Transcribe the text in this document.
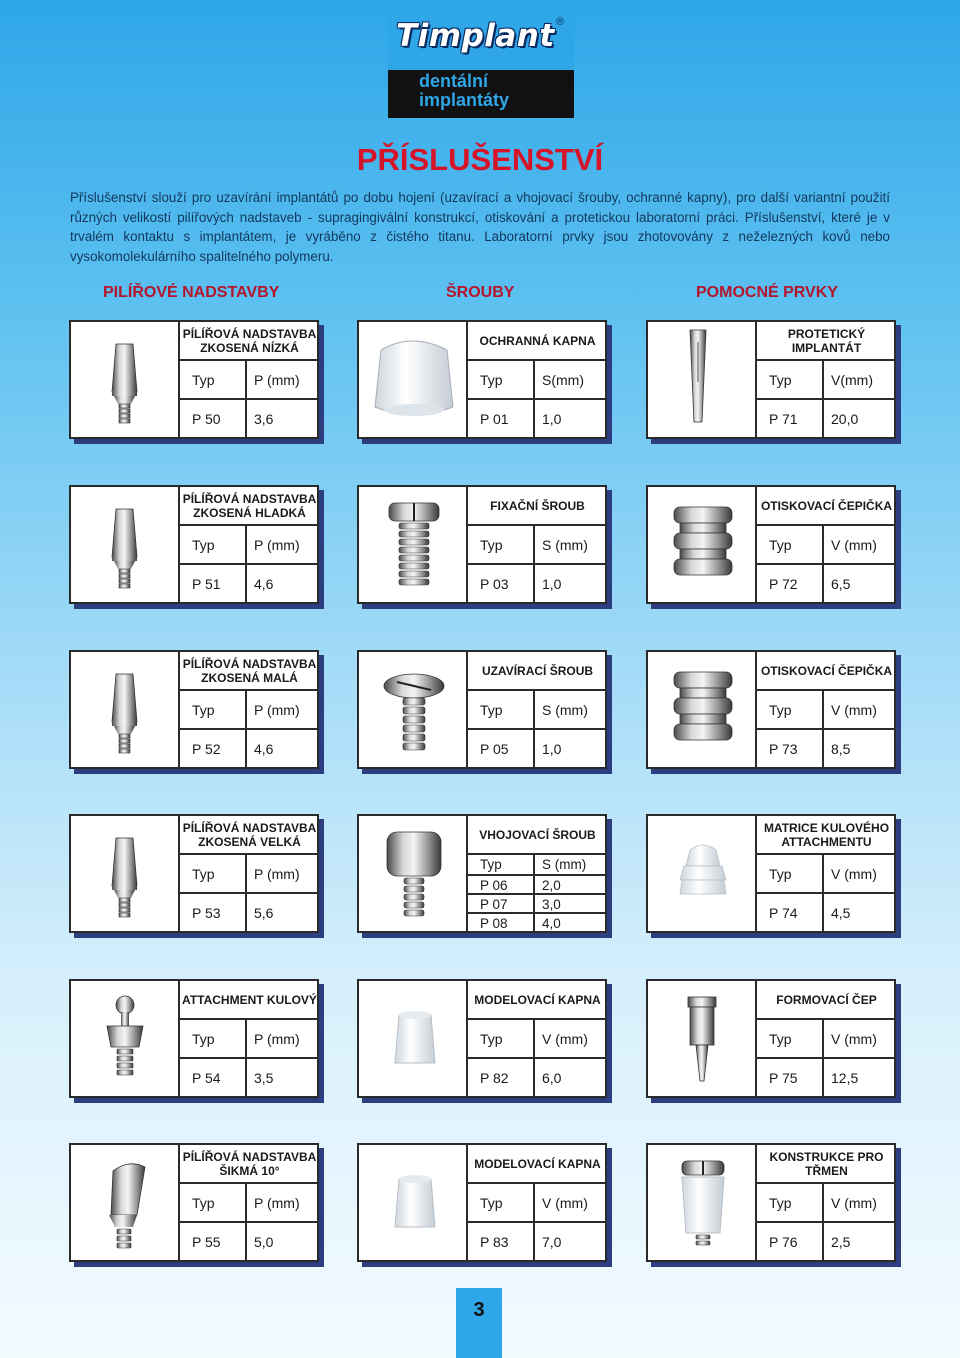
Timplant ®
dentální implantáty
PŘÍSLUŠENSTVÍ
Příslušenství slouží pro uzavírání implantátů po dobu hojení (uzavírací a vhojovací šrouby, ochranné kapny), pro další variantní použití různých velikostí pilířových nadstaveb - supragingivální konstrukcí, otiskování a protetickou laboratorní práci. Příslušenství, které je v trvalém kontaktu s implantátem, je vyráběno z čistého titanu. Laboratorní prvky jsou zhotovovány z neželezných kovů nebo vysokomolekulárního spalitelného polymeru.
PILÍŘOVÉ NADSTAVBY	ŠROUBY	POMOCNÉ PRVKY
PÍLÍŘOVÁ NADSTAVBA ZKOSENÁ NÍZKÁ
Typ	P (mm)
P 50	3,6
OCHRANNÁ KAPNA
Typ	S(mm)
P 01	1,0
PROTETICKÝ IMPLANTÁT
Typ	V(mm)
P 71	20,0
PÍLÍŘOVÁ NADSTAVBA ZKOSENÁ HLADKÁ
Typ	P (mm)
P 51	4,6
FIXAČNÍ ŠROUB
Typ	S (mm)
P 03	1,0
OTISKOVACÍ ČEPIČKA
Typ	V (mm)
P 72	6,5
PÍLÍŘOVÁ NADSTAVBA ZKOSENÁ MALÁ
Typ	P (mm)
P 52	4,6
UZAVÍRACÍ ŠROUB
Typ	S (mm)
P 05	1,0
OTISKOVACÍ ČEPIČKA
Typ	V (mm)
P 73	8,5
PÍLÍŘOVÁ NADSTAVBA ZKOSENÁ VELKÁ
Typ	P (mm)
P 53	5,6
VHOJOVACÍ ŠROUB
Typ	S (mm)
P 06	2,0
P 07	3,0
P 08	4,0
MATRICE KULOVÉHO ATTACHMENTU
Typ	V (mm)
P 74	4,5
ATTACHMENT KULOVÝ
Typ	P (mm)
P 54	3,5
MODELOVACÍ KAPNA
Typ	V (mm)
P 82	6,0
FORMOVACÍ ČEP
Typ	V (mm)
P 75	12,5
PÍLÍŘOVÁ NADSTAVBA ŠIKMÁ 10°
Typ	P (mm)
P 55	5,0
MODELOVACÍ KAPNA
Typ	V (mm)
P 83	7,0
KONSTRUKCE PRO TŘMEN
Typ	V (mm)
P 76	2,5
3
